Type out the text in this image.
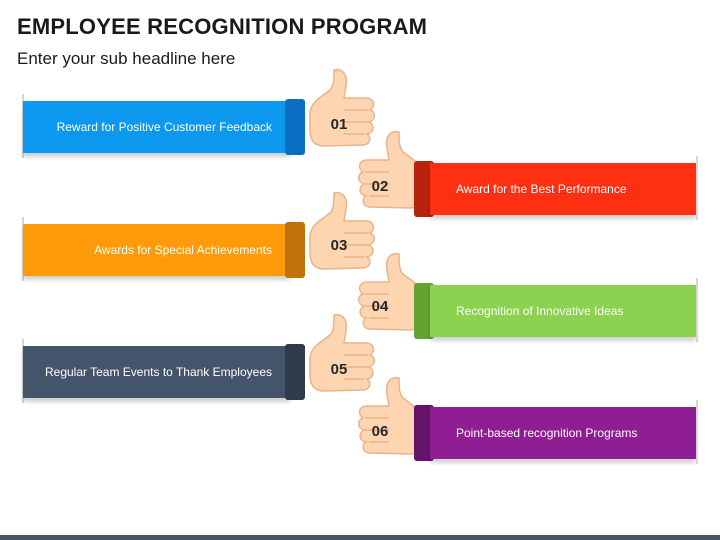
EMPLOYEE RECOGNITION PROGRAM

Enter your sub headline here

Reward for Positive Customer Feedback	01
02	Award for the Best Performance
Awards for Special Achievements	03
04	Recognition of Innovative Ideas
Regular Team Events to Thank Employees	05
06	Point-based recognition Programs
